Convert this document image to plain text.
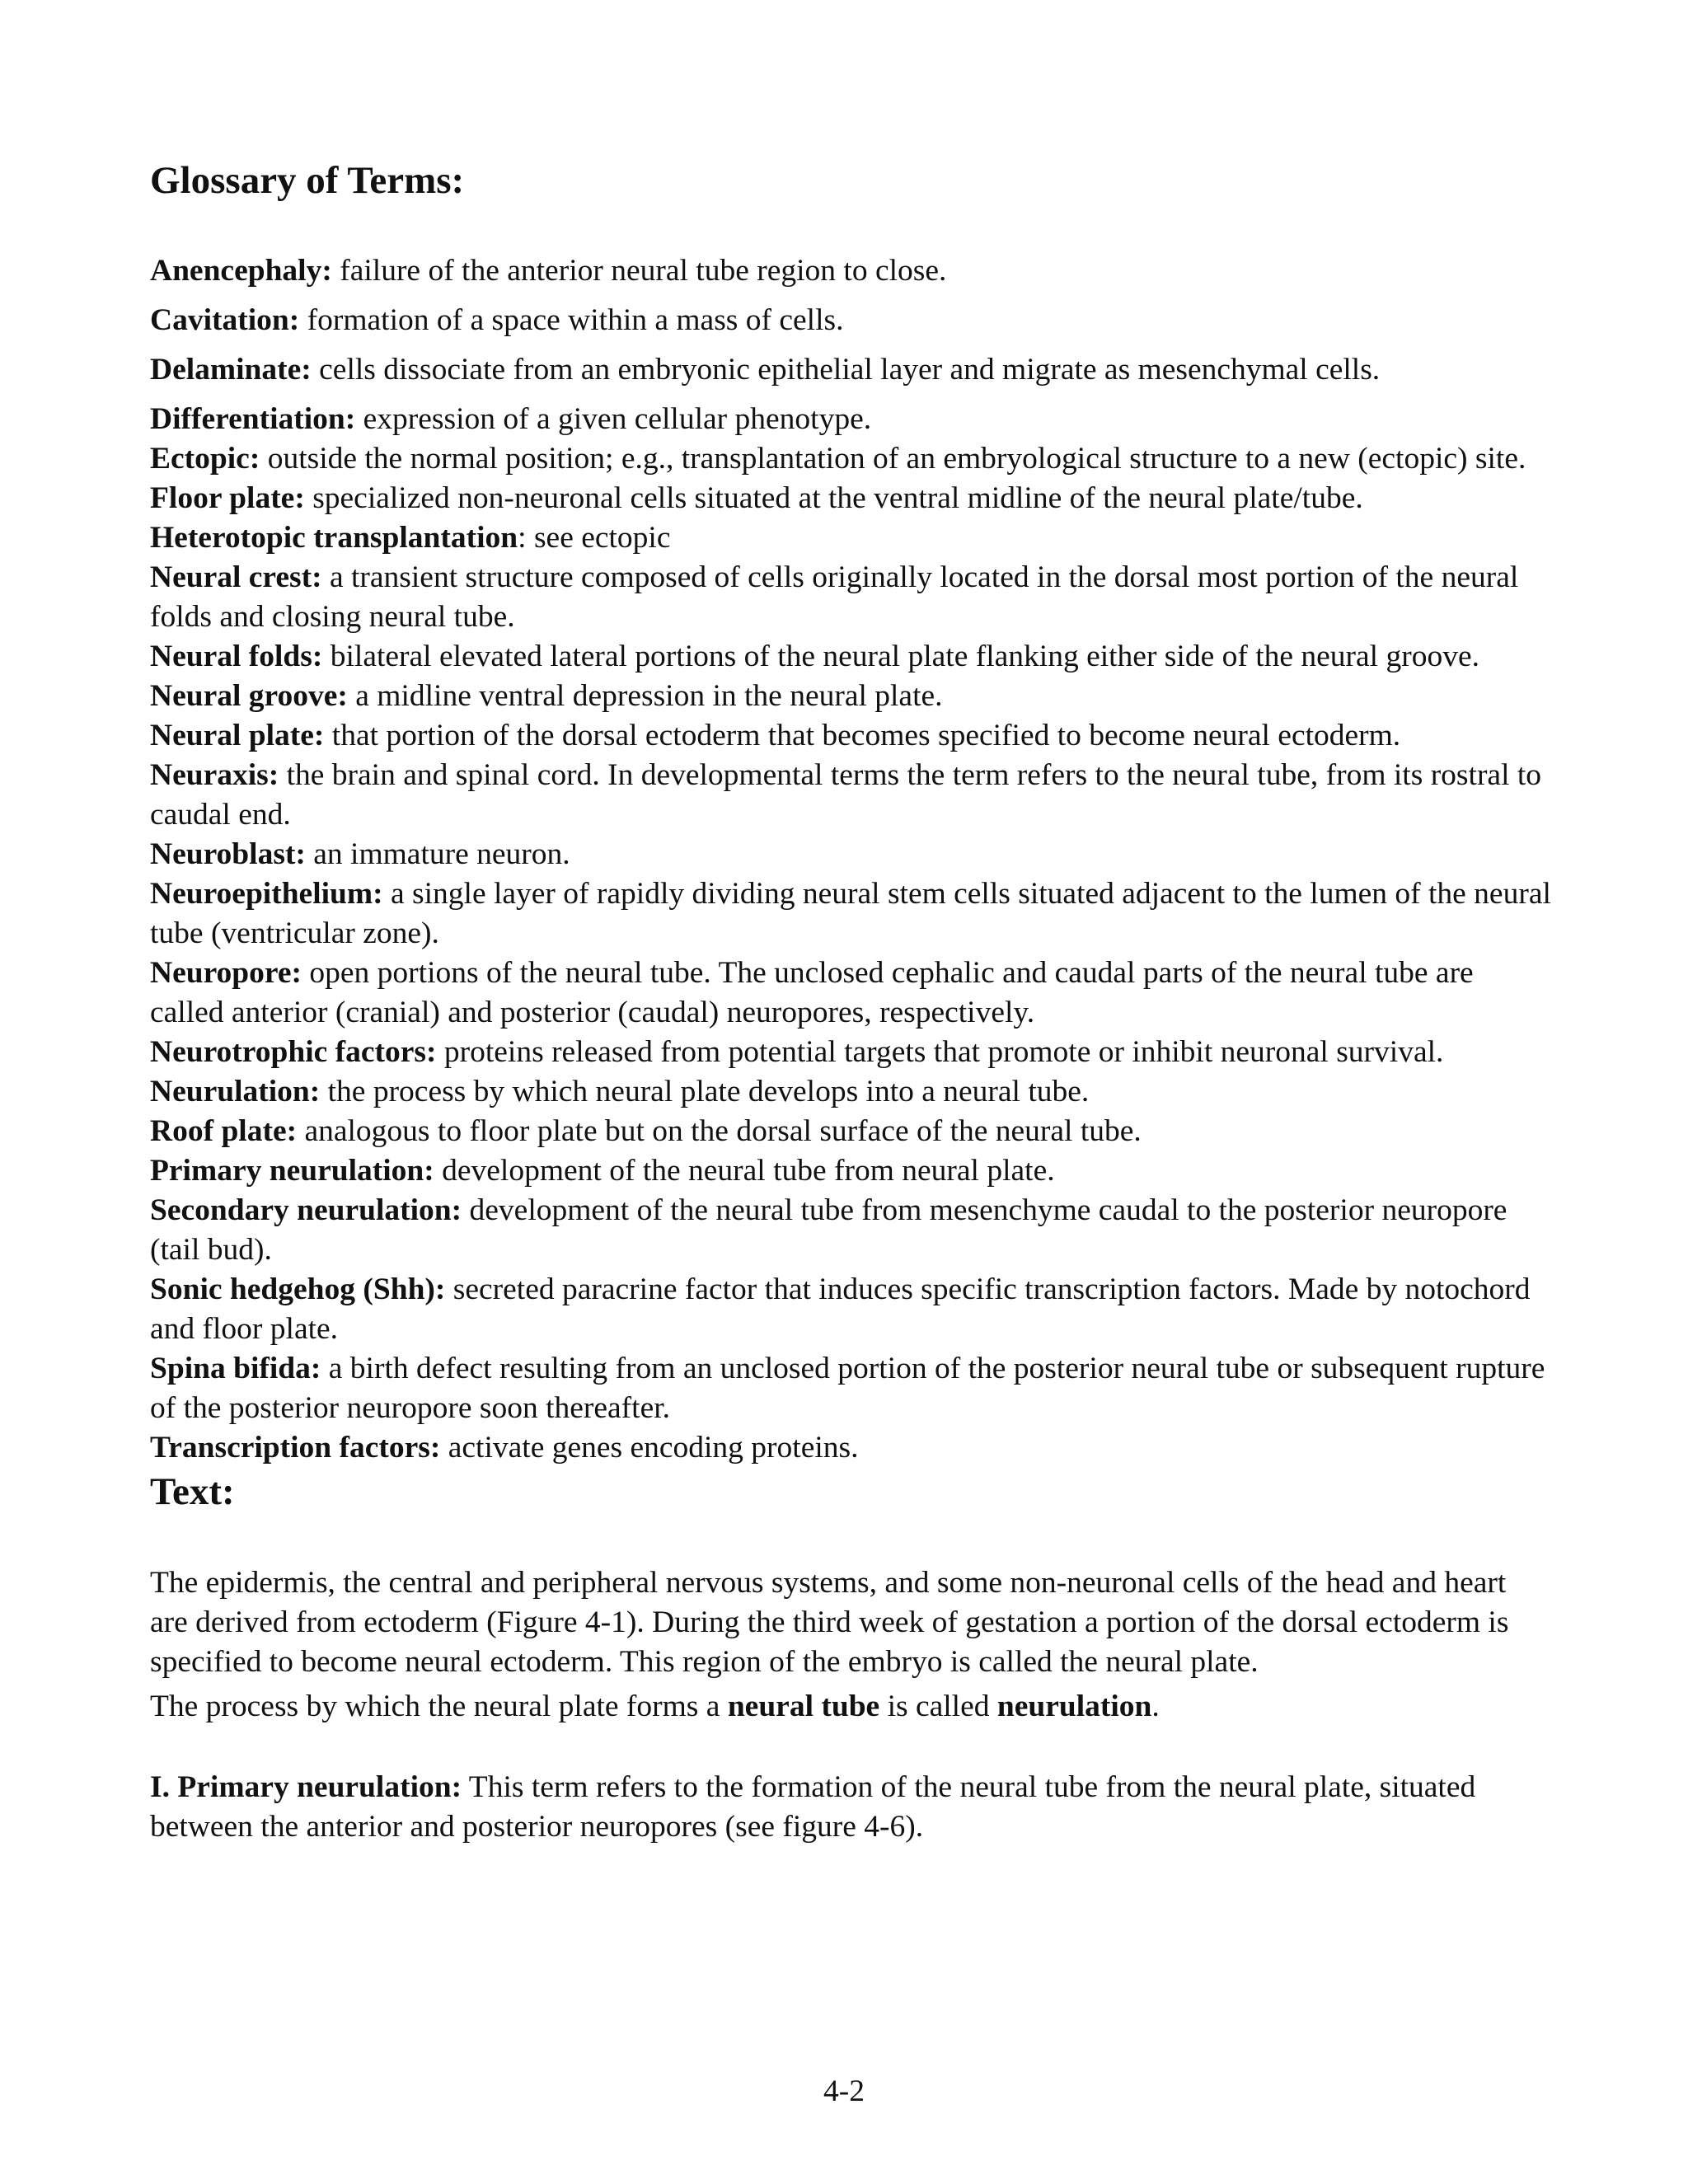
Glossary of Terms:
Anencephaly: failure of the anterior neural tube region to close.
Cavitation: formation of a space within a mass of cells.
Delaminate: cells dissociate from an embryonic epithelial layer and migrate as mesenchymal cells.
Differentiation: expression of a given cellular phenotype.
Ectopic: outside the normal position; e.g., transplantation of an embryological structure to a new (ectopic) site.
Floor plate: specialized non-neuronal cells situated at the ventral midline of the neural plate/tube.
Heterotopic transplantation: see ectopic
Neural crest: a transient structure composed of cells originally located in the dorsal most portion of the neural folds and closing neural tube.
Neural folds: bilateral elevated lateral portions of the neural plate flanking either side of the neural groove.
Neural groove: a midline ventral depression in the neural plate.
Neural plate: that portion of the dorsal ectoderm that becomes specified to become neural ectoderm.
Neuraxis: the brain and spinal cord. In developmental terms the term refers to the neural tube, from its rostral to caudal end.
Neuroblast: an immature neuron.
Neuroepithelium: a single layer of rapidly dividing neural stem cells situated adjacent to the lumen of the neural tube (ventricular zone).
Neuropore: open portions of the neural tube. The unclosed cephalic and caudal parts of the neural tube are called anterior (cranial) and posterior (caudal) neuropores, respectively.
Neurotrophic factors: proteins released from potential targets that promote or inhibit neuronal survival.
Neurulation: the process by which neural plate develops into a neural tube.
Roof plate: analogous to floor plate but on the dorsal surface of the neural tube.
Primary neurulation: development of the neural tube from neural plate.
Secondary neurulation: development of the neural tube from mesenchyme caudal to the posterior neuropore (tail bud).
Sonic hedgehog (Shh): secreted paracrine factor that induces specific transcription factors. Made by notochord and floor plate.
Spina bifida: a birth defect resulting from an unclosed portion of the posterior neural tube or subsequent rupture of the posterior neuropore soon thereafter.
Transcription factors: activate genes encoding proteins.
Text:

The epidermis, the central and peripheral nervous systems, and some non-neuronal cells of the head and heart are derived from ectoderm (Figure 4-1). During the third week of gestation a portion of the dorsal ectoderm is specified to become neural ectoderm. This region of the embryo is called the neural plate.

The process by which the neural plate forms a neural tube is called neurulation.

I. Primary neurulation: This term refers to the formation of the neural tube from the neural plate, situated between the anterior and posterior neuropores (see figure 4-6).

4-2
